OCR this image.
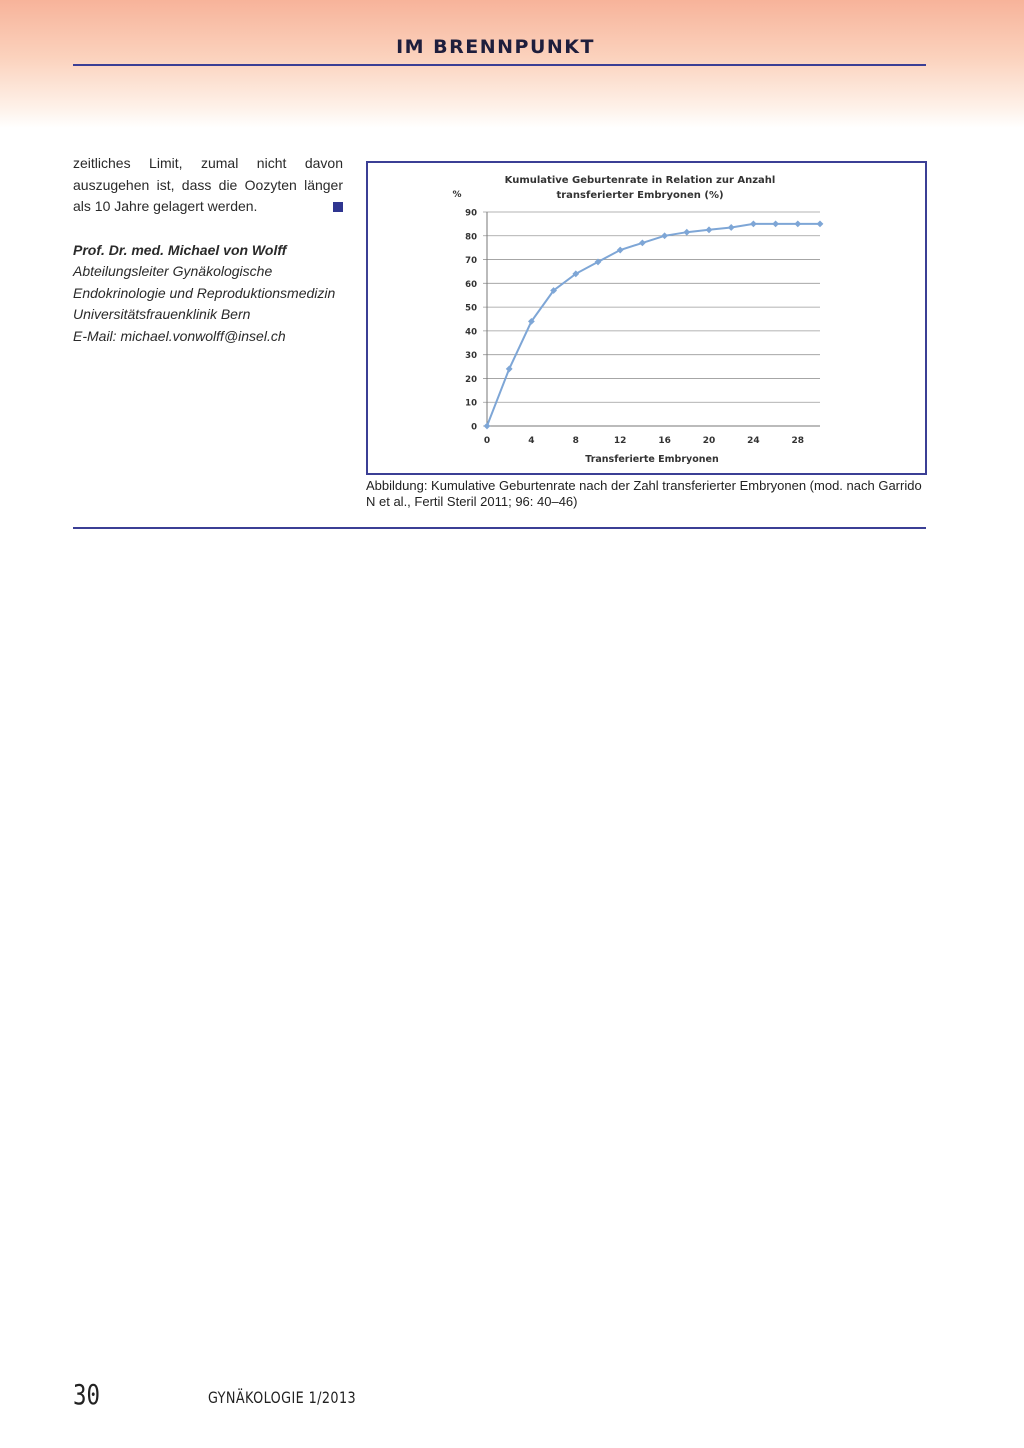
IM BRENNPUNKT

zeitliches Limit, zumal nicht davon auszugehen ist, dass die Oozyten länger als 10 Jahre gelagert werden.

Prof. Dr. med. Michael von Wolff
Abteilungsleiter Gynäkologische Endokrinologie und Reproduktionsmedizin
Universitätsfrauenklinik Bern
E-Mail: michael.vonwolff@insel.ch
Kumulative Geburtenrate in Relation zur Anzahl
transferierter Embryonen (%)
%
Transferierte Embryonen
0
10
20
30
40
50
60
70
80
90
0	4	8	12	16	20	24	28
Abbildung: Kumulative Geburtenrate nach der Zahl transferierter Embryonen (mod. nach Garrido N et al., Fertil Steril 2011; 96: 40–46)
30	GYNÄKOLOGIE 1/2013
